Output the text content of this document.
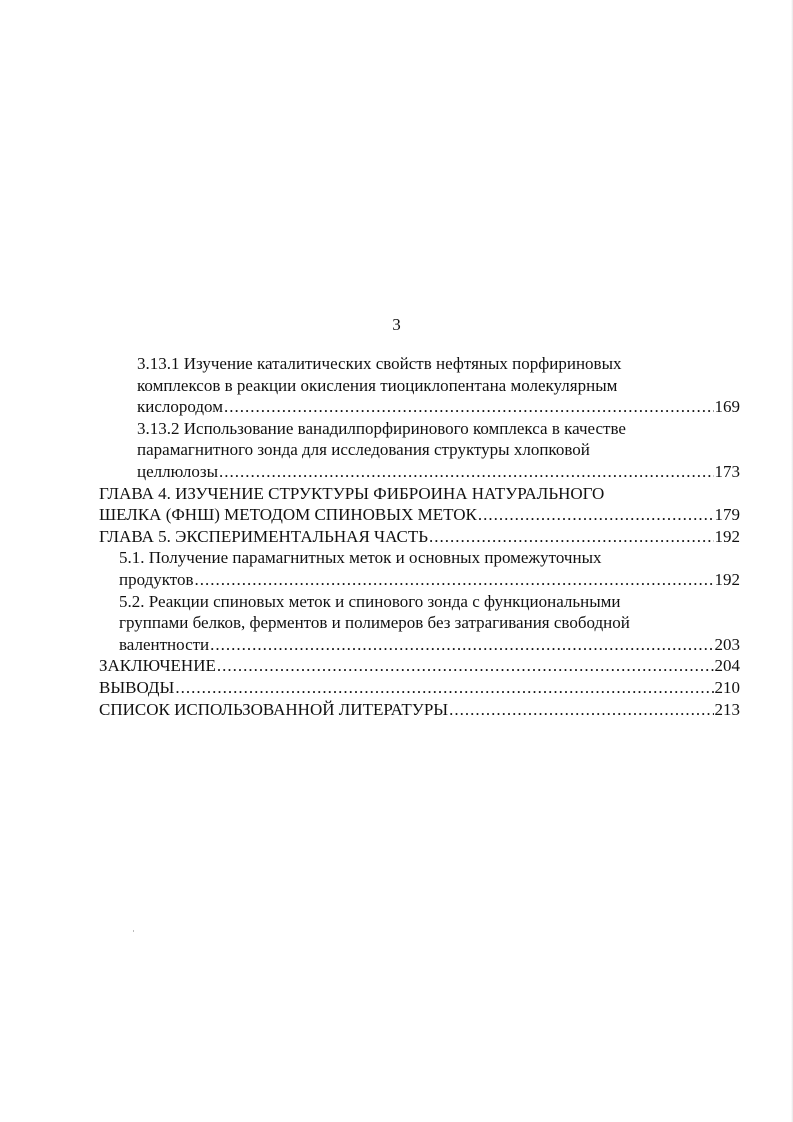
3
3.13.1 Изучение каталитических свойств нефтяных порфириновых
комплексов в реакции окисления тиоциклопентана молекулярным
кислородом .....	169
3.13.2 Использование ванадилпорфиринового комплекса в качестве
парамагнитного зонда для исследования структуры хлопковой
целлюлозы .....	173
ГЛАВА 4. ИЗУЧЕНИЕ СТРУКТУРЫ ФИБРОИНА НАТУРАЛЬНОГО
ШЕЛКА (ФНШ) МЕТОДОМ СПИНОВЫХ МЕТОК .....	179
ГЛАВА 5. ЭКСПЕРИМЕНТАЛЬНАЯ ЧАСТЬ .....	192
5.1. Получение парамагнитных меток и основных промежуточных
продуктов .....	192
5.2. Реакции спиновых меток и спинового зонда с функциональными
группами белков, ферментов и полимеров без затрагивания свободной
валентности .....	203
ЗАКЛЮЧЕНИЕ .....	204
ВЫВОДЫ .....	210
СПИСОК ИСПОЛЬЗОВАННОЙ ЛИТЕРАТУРЫ .....	213
